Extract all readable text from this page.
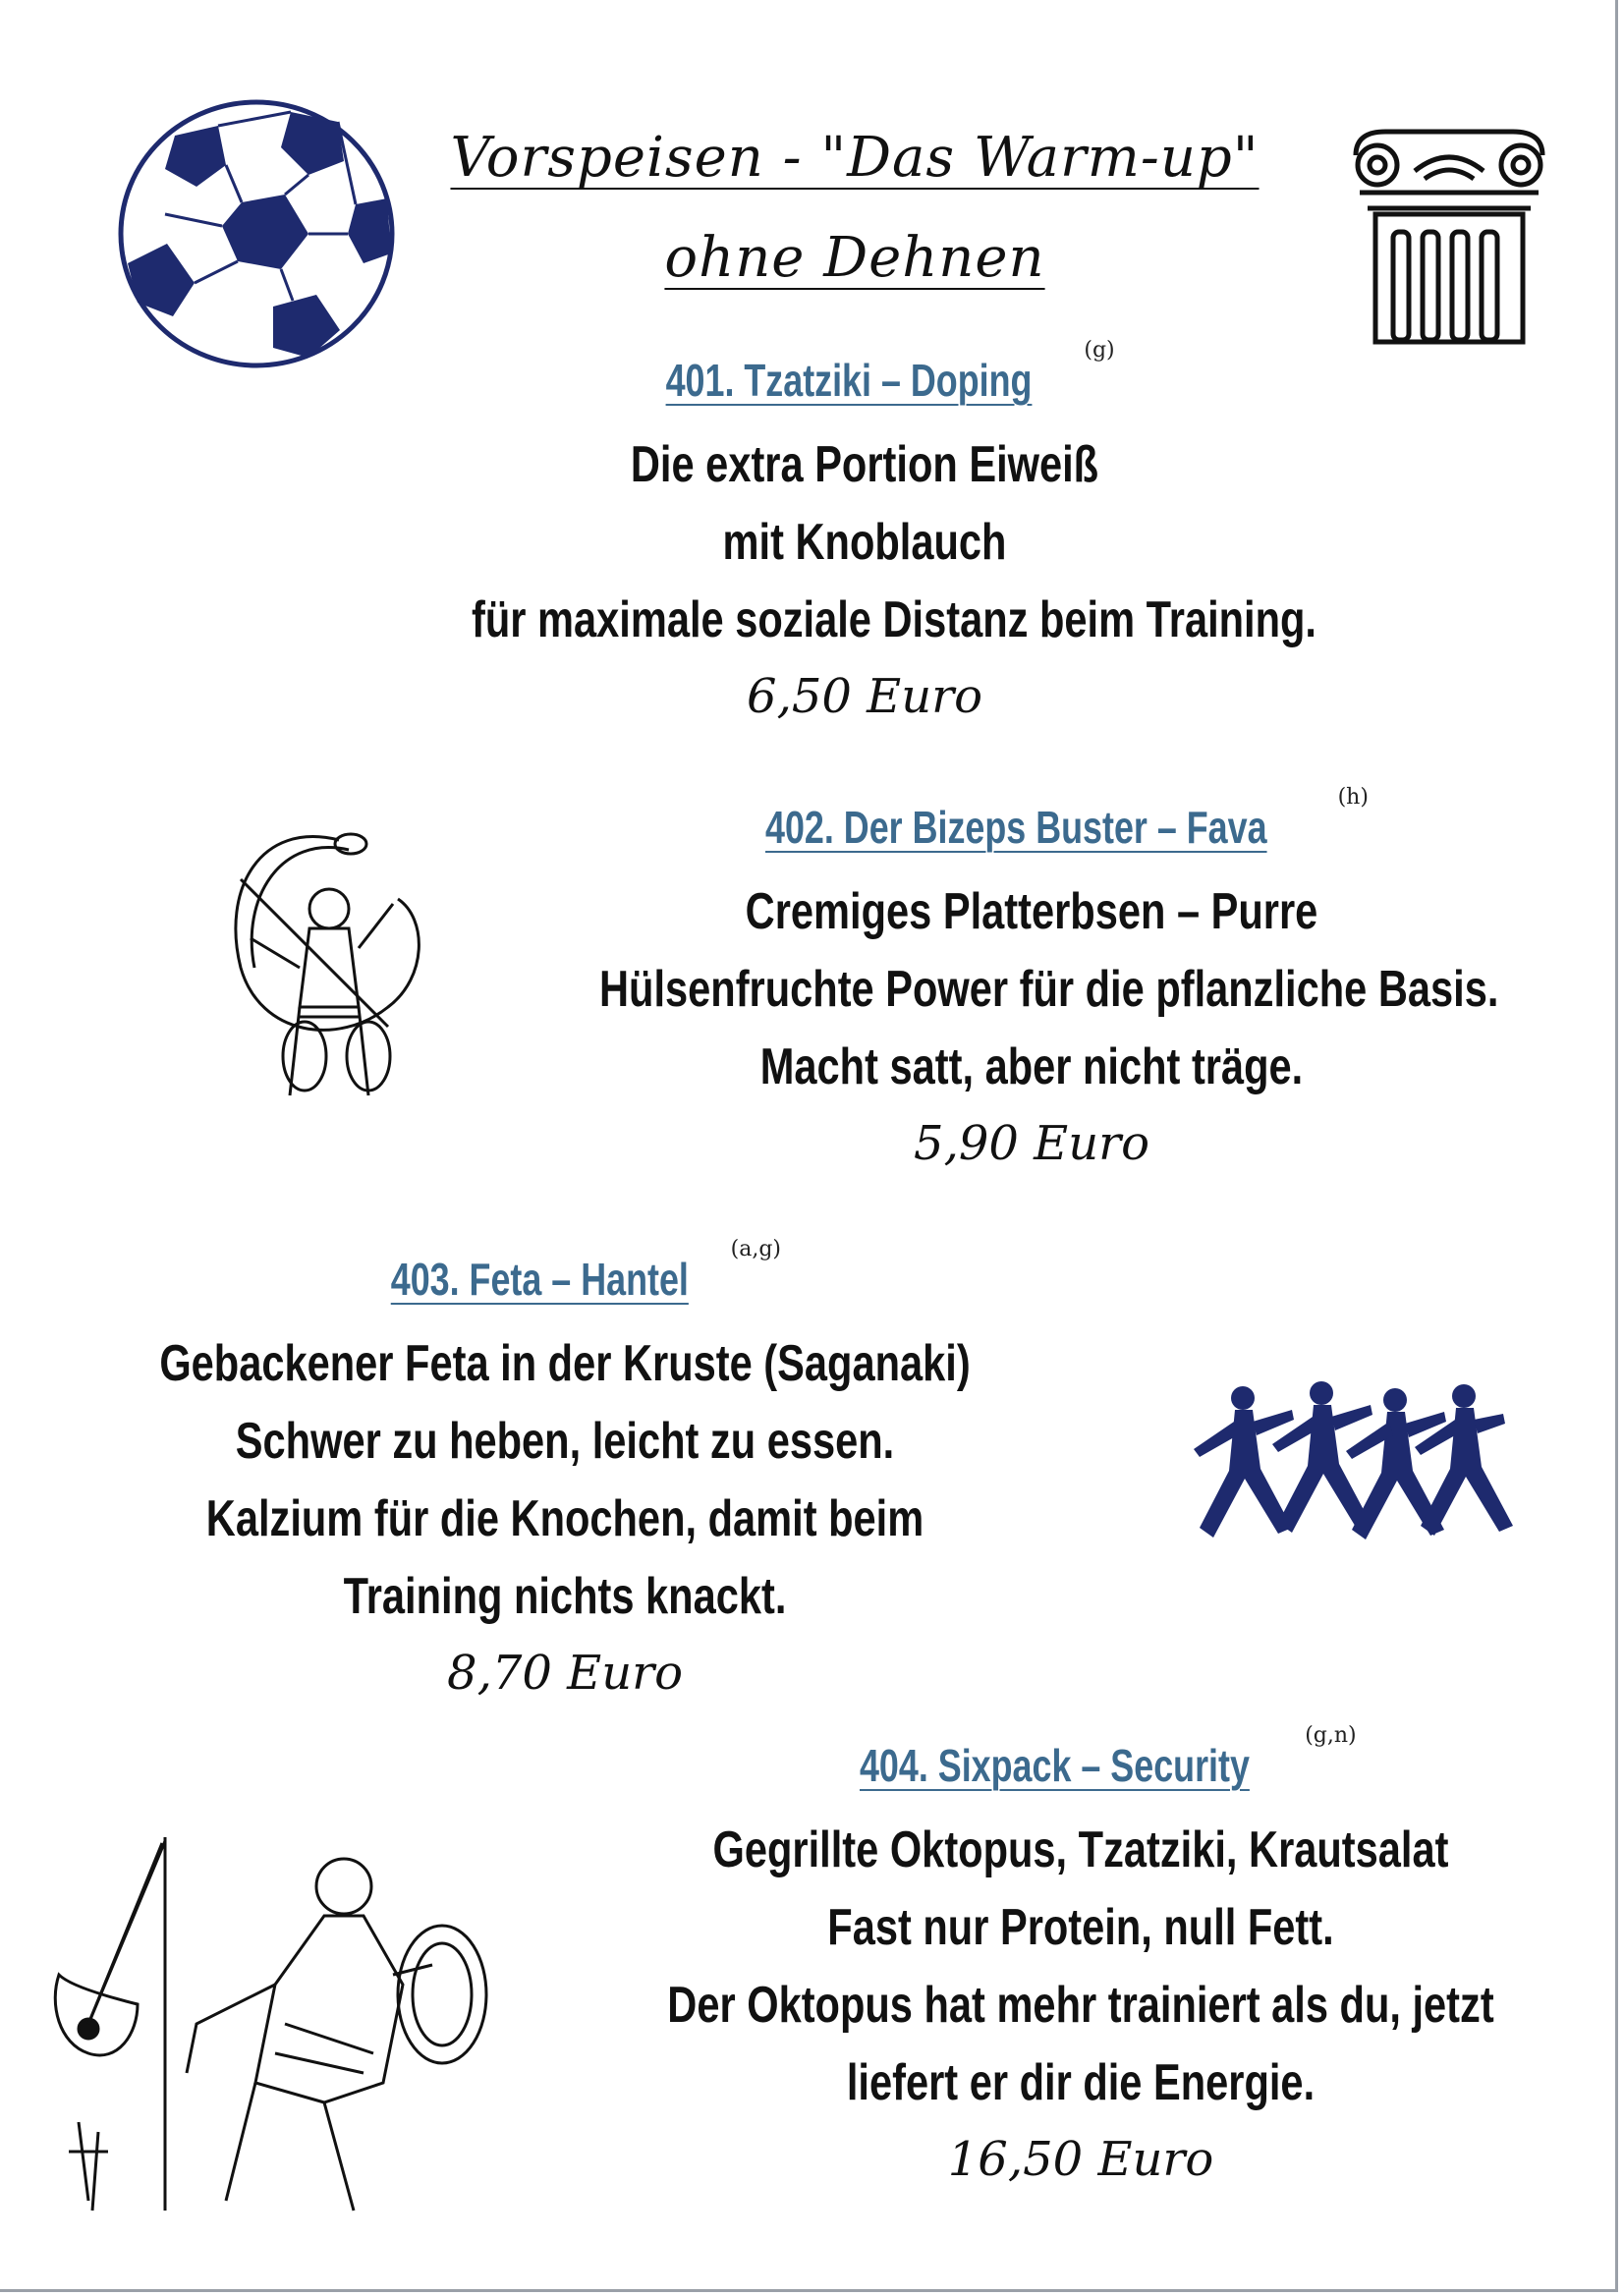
Vorspeisen - "Das Warm-up"
ohne Dehnen
401. Tzatziki – Doping(g)
Die extra Portion Eiweiß
mit Knoblauch
für maximale soziale Distanz beim Training.
6,50 Euro
402. Der Bizeps Buster – Fava(h)
Cremiges Platterbsen – Purre
Hülsenfruchte Power für die pflanzliche Basis.
Macht satt, aber nicht träge.
5,90 Euro
403. Feta – Hantel(a,g)
Gebackener Feta in der Kruste (Saganaki)
Schwer zu heben, leicht zu essen.
Kalzium für die Knochen, damit beim
Training nichts knackt.
8,70 Euro
404. Sixpack – Security(g,n)
Gegrillte Oktopus, Tzatziki, Krautsalat
Fast nur Protein, null Fett.
Der Oktopus hat mehr trainiert als du, jetzt
liefert er dir die Energie.
16,50 Euro
